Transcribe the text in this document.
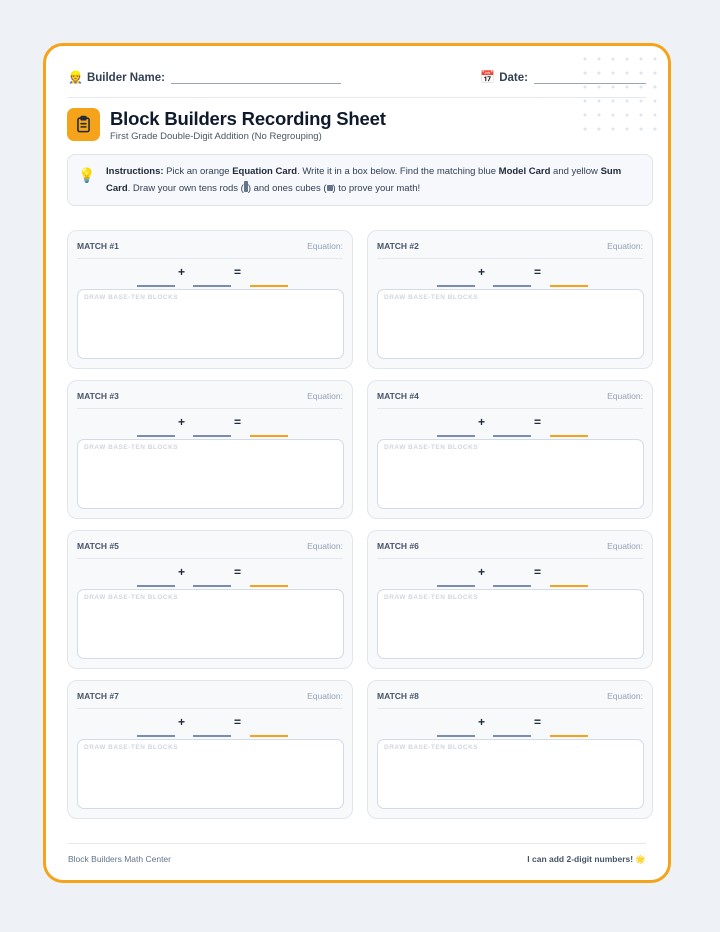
👷 Builder Name:	📅 Date:
Block Builders Recording Sheet
First Grade Double-Digit Addition (No Regrouping)
💡 Instructions: Pick an orange Equation Card. Write it in a box below. Find the matching blue Model Card and yellow Sum Card. Draw your own tens rods ( ) and ones cubes ( ) to prove your math!
MATCH #1	Equation:
+	=
DRAW BASE-TEN BLOCKS
MATCH #2	Equation:
+	=
DRAW BASE-TEN BLOCKS
MATCH #3	Equation:
+	=
DRAW BASE-TEN BLOCKS
MATCH #4	Equation:
+	=
DRAW BASE-TEN BLOCKS
MATCH #5	Equation:
+	=
DRAW BASE-TEN BLOCKS
MATCH #6	Equation:
+	=
DRAW BASE-TEN BLOCKS
MATCH #7	Equation:
+	=
DRAW BASE-TEN BLOCKS
MATCH #8	Equation:
+	=
DRAW BASE-TEN BLOCKS
Block Builders Math Center	I can add 2-digit numbers! 🌟
